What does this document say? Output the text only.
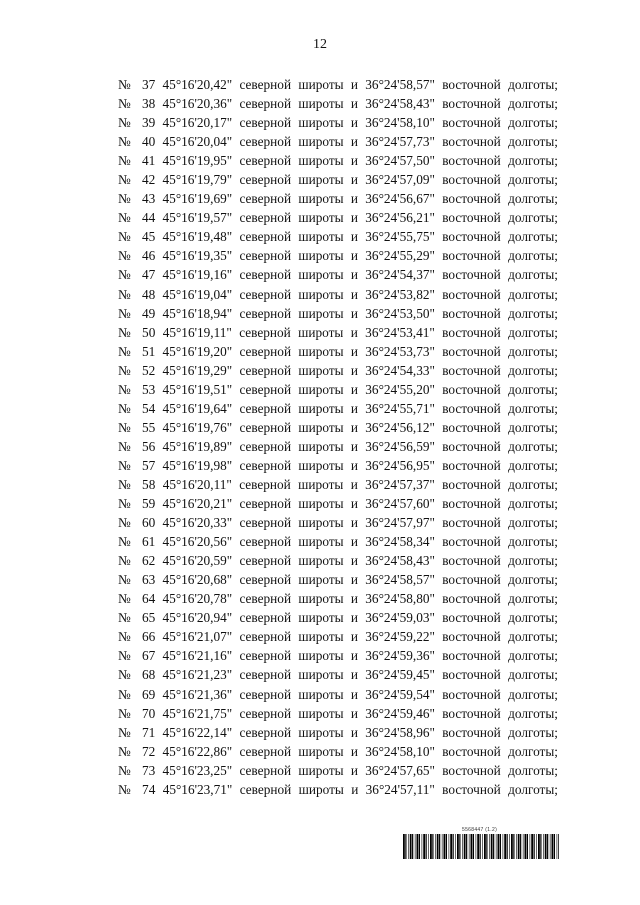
12
№ 37 45°16'20,42" северной широты и 36°24'58,57" восточной долготы;
№ 38 45°16'20,36" северной широты и 36°24'58,43" восточной долготы;
№ 39 45°16'20,17" северной широты и 36°24'58,10" восточной долготы;
№ 40 45°16'20,04" северной широты и 36°24'57,73" восточной долготы;
№ 41 45°16'19,95" северной широты и 36°24'57,50" восточной долготы;
№ 42 45°16'19,79" северной широты и 36°24'57,09" восточной долготы;
№ 43 45°16'19,69" северной широты и 36°24'56,67" восточной долготы;
№ 44 45°16'19,57" северной широты и 36°24'56,21" восточной долготы;
№ 45 45°16'19,48" северной широты и 36°24'55,75" восточной долготы;
№ 46 45°16'19,35" северной широты и 36°24'55,29" восточной долготы;
№ 47 45°16'19,16" северной широты и 36°24'54,37" восточной долготы;
№ 48 45°16'19,04" северной широты и 36°24'53,82" восточной долготы;
№ 49 45°16'18,94" северной широты и 36°24'53,50" восточной долготы;
№ 50 45°16'19,11" северной широты и 36°24'53,41" восточной долготы;
№ 51 45°16'19,20" северной широты и 36°24'53,73" восточной долготы;
№ 52 45°16'19,29" северной широты и 36°24'54,33" восточной долготы;
№ 53 45°16'19,51" северной широты и 36°24'55,20" восточной долготы;
№ 54 45°16'19,64" северной широты и 36°24'55,71" восточной долготы;
№ 55 45°16'19,76" северной широты и 36°24'56,12" восточной долготы;
№ 56 45°16'19,89" северной широты и 36°24'56,59" восточной долготы;
№ 57 45°16'19,98" северной широты и 36°24'56,95" восточной долготы;
№ 58 45°16'20,11" северной широты и 36°24'57,37" восточной долготы;
№ 59 45°16'20,21" северной широты и 36°24'57,60" восточной долготы;
№ 60 45°16'20,33" северной широты и 36°24'57,97" восточной долготы;
№ 61 45°16'20,56" северной широты и 36°24'58,34" восточной долготы;
№ 62 45°16'20,59" северной широты и 36°24'58,43" восточной долготы;
№ 63 45°16'20,68" северной широты и 36°24'58,57" восточной долготы;
№ 64 45°16'20,78" северной широты и 36°24'58,80" восточной долготы;
№ 65 45°16'20,94" северной широты и 36°24'59,03" восточной долготы;
№ 66 45°16'21,07" северной широты и 36°24'59,22" восточной долготы;
№ 67 45°16'21,16" северной широты и 36°24'59,36" восточной долготы;
№ 68 45°16'21,23" северной широты и 36°24'59,45" восточной долготы;
№ 69 45°16'21,36" северной широты и 36°24'59,54" восточной долготы;
№ 70 45°16'21,75" северной широты и 36°24'59,46" восточной долготы;
№ 71 45°16'22,14" северной широты и 36°24'58,96" восточной долготы;
№ 72 45°16'22,86" северной широты и 36°24'58,10" восточной долготы;
№ 73 45°16'23,25" северной широты и 36°24'57,65" восточной долготы;
№ 74 45°16'23,71" северной широты и 36°24'57,11" восточной долготы;
5568447 (1.2)
